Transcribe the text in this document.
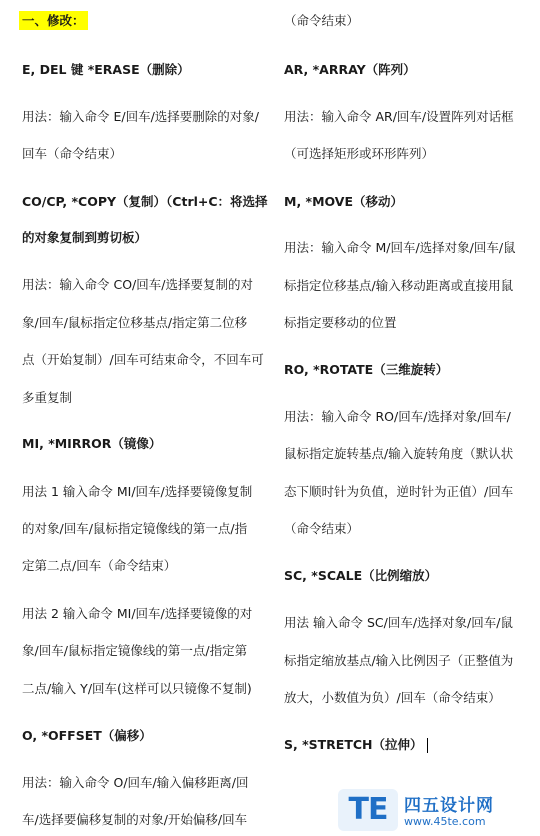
一、修改：
E, DEL 键 *ERASE（删除）
用法：输入命令 E/回车/选择要删除的对象/
回车（命令结束）
CO/CP, *COPY（复制）（Ctrl+C：将选择
的对象复制到剪切板）
用法：输入命令 CO/回车/选择要复制的对
象/回车/鼠标指定位移基点/指定第二位移
点（开始复制）/回车可结束命令，不回车可
多重复制
MI, *MIRROR（镜像）
用法 1 输入命令 MI/回车/选择要镜像复制
的对象/回车/鼠标指定镜像线的第一点/指
定第二点/回车（命令结束）
用法 2 输入命令 MI/回车/选择要镜像的对
象/回车/鼠标指定镜像线的第一点/指定第
二点/输入 Y/回车(这样可以只镜像不复制)
O, *OFFSET（偏移）
用法：输入命令 O/回车/输入偏移距离/回
车/选择要偏移复制的对象/开始偏移/回车
（命令结束）
AR, *ARRAY（阵列）
用法：输入命令 AR/回车/设置阵列对话框
（可选择矩形或环形阵列）
M, *MOVE（移动）
用法：输入命令 M/回车/选择对象/回车/鼠
标指定位移基点/输入移动距离或直接用鼠
标指定要移动的位置
RO, *ROTATE（三维旋转）
用法：输入命令 RO/回车/选择对象/回车/
鼠标指定旋转基点/输入旋转角度（默认状
态下顺时针为负值，逆时针为正值）/回车
（命令结束）
SC, *SCALE（比例缩放）
用法 输入命令 SC/回车/选择对象/回车/鼠
标指定缩放基点/输入比例因子（正整值为
放大，小数值为负）/回车（命令结束）
S, *STRETCH（拉伸）
TE 四五设计网
www.45te.com
